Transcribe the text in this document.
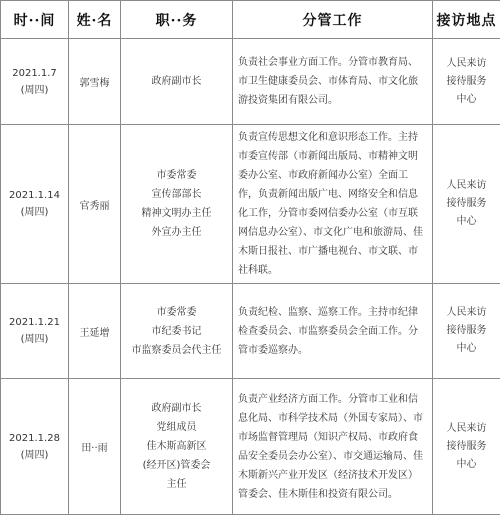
时··间	姓·名	职··务	分管工作	接访地点

2021.1.7
(周四)	郭雪梅	政府副市长	负责社会事业方面工作。分管市教育局、市卫生健康委员会、市体育局、市文化旅游投资集团有限公司。	人民来访
接待服务
中心

2021.1.14
(周四)	官秀丽	市委常委
宣传部部长
精神文明办主任
外宣办主任	负责宣传思想文化和意识形态工作。主持市委宣传部（市新闻出版局、市精神文明委办公室、市政府新闻办公室）全面工作，负责新闻出版广电、网络安全和信息化工作，分管市委网信委办公室（市互联网信息办公室）、市文化广电和旅游局、佳木斯日报社、市广播电视台、市文联、市社科联。	人民来访
接待服务
中心

2021.1.21
(周四)	王延增	市委常委
市纪委书记
市监察委员会代主任	负责纪检、监察、巡察工作。主持市纪律检查委员会、市监察委员会全面工作。分管市委巡察办。	人民来访
接待服务
中心

2021.1.28
(周四)	田··雨	政府副市长
党组成员
佳木斯高新区
(经开区)管委会
主任	负责产业经济方面工作。分管市工业和信息化局、市科学技术局（外国专家局）、市市场监督管理局（知识产权局、市政府食品安全委员会办公室）、市交通运输局、佳木斯新兴产业开发区（经济技术开发区）管委会、佳木斯佳和投资有限公司。	人民来访
接待服务
中心
